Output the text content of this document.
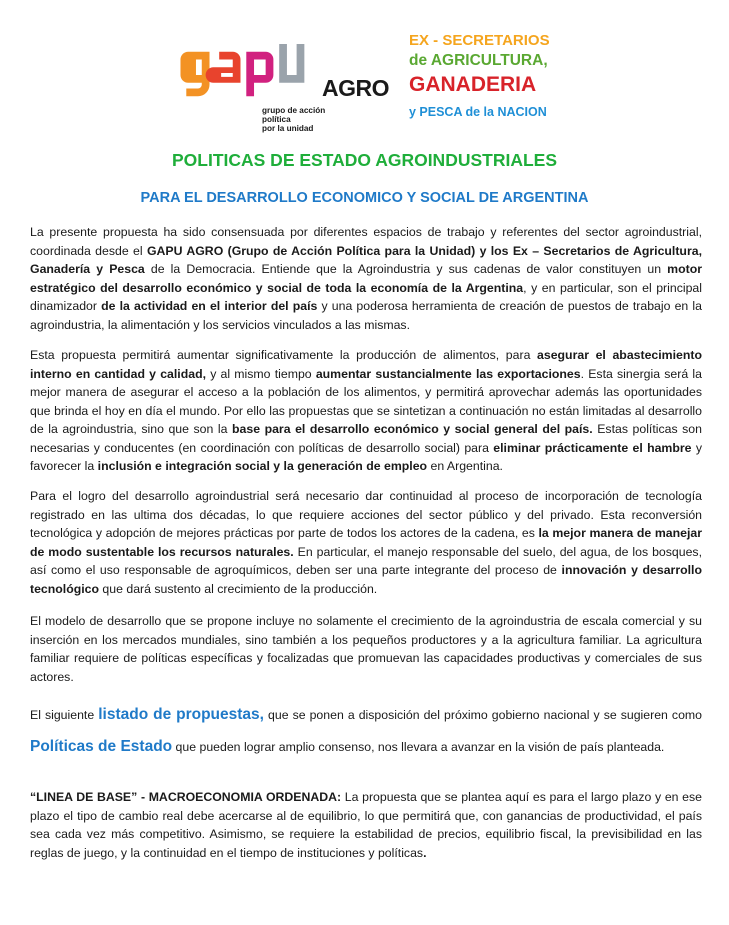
AGRO
grupo de acción
política
por la unidad
EX - SECRETARIOS
de AGRICULTURA,
GANADERIA
y PESCA de la NACION
POLITICAS DE ESTADO AGROINDUSTRIALES
PARA EL DESARROLLO ECONOMICO Y SOCIAL DE ARGENTINA
La presente propuesta ha sido consensuada por diferentes espacios de trabajo y referentes del sector agroindustrial, coordinada desde el GAPU AGRO (Grupo de Acción Política para la Unidad) y los Ex – Secretarios de Agricultura, Ganadería y Pesca de la Democracia. Entiende que la Agroindustria y sus cadenas de valor constituyen un motor estratégico del desarrollo económico y social de toda la economía de la Argentina, y en particular, son el principal dinamizador de la actividad en el interior del país y una poderosa herramienta de creación de puestos de trabajo en la agroindustria, la alimentación y los servicios vinculados a las mismas.
Esta propuesta permitirá aumentar significativamente la producción de alimentos, para asegurar el abastecimiento interno en cantidad y calidad, y al mismo tiempo aumentar sustancialmente las exportaciones. Esta sinergia será la mejor manera de asegurar el acceso a la población de los alimentos, y permitirá aprovechar además las oportunidades que brinda el hoy en día el mundo. Por ello las propuestas que se sintetizan a continuación no están limitadas al desarrollo de la agroindustria, sino que son la base para el desarrollo económico y social general del país. Estas políticas son necesarias y conducentes (en coordinación con políticas de desarrollo social) para eliminar prácticamente el hambre y favorecer la inclusión e integración social y la generación de empleo en Argentina.
Para el logro del desarrollo agroindustrial será necesario dar continuidad al proceso de incorporación de tecnología registrado en las ultima dos décadas, lo que requiere acciones del sector público y del privado. Esta reconversión tecnológica y adopción de mejores prácticas por parte de todos los actores de la cadena, es la mejor manera de manejar de modo sustentable los recursos naturales. En particular, el manejo responsable del suelo, del agua, de los bosques, así como el uso responsable de agroquímicos, deben ser una parte integrante del proceso de innovación y desarrollo tecnológico que dará sustento al crecimiento de la producción.
El modelo de desarrollo que se propone incluye no solamente el crecimiento de la agroindustria de escala comercial y su inserción en los mercados mundiales, sino también a los pequeños productores y a la agricultura familiar. La agricultura familiar requiere de políticas específicas y focalizadas que promuevan las capacidades productivas y comerciales de sus actores.
El siguiente listado de propuestas, que se ponen a disposición del próximo gobierno nacional y se sugieren como Políticas de Estado que pueden lograr amplio consenso, nos llevara a avanzar en la visión de país planteada.
“LINEA DE BASE” - MACROECONOMIA ORDENADA: La propuesta que se plantea aquí es para el largo plazo y en ese plazo el tipo de cambio real debe acercarse al de equilibrio, lo que permitirá que, con ganancias de productividad, el país sea cada vez más competitivo. Asimismo, se requiere la estabilidad de precios, equilibrio fiscal, la previsibilidad en las reglas de juego, y la continuidad en el tiempo de instituciones y políticas.
